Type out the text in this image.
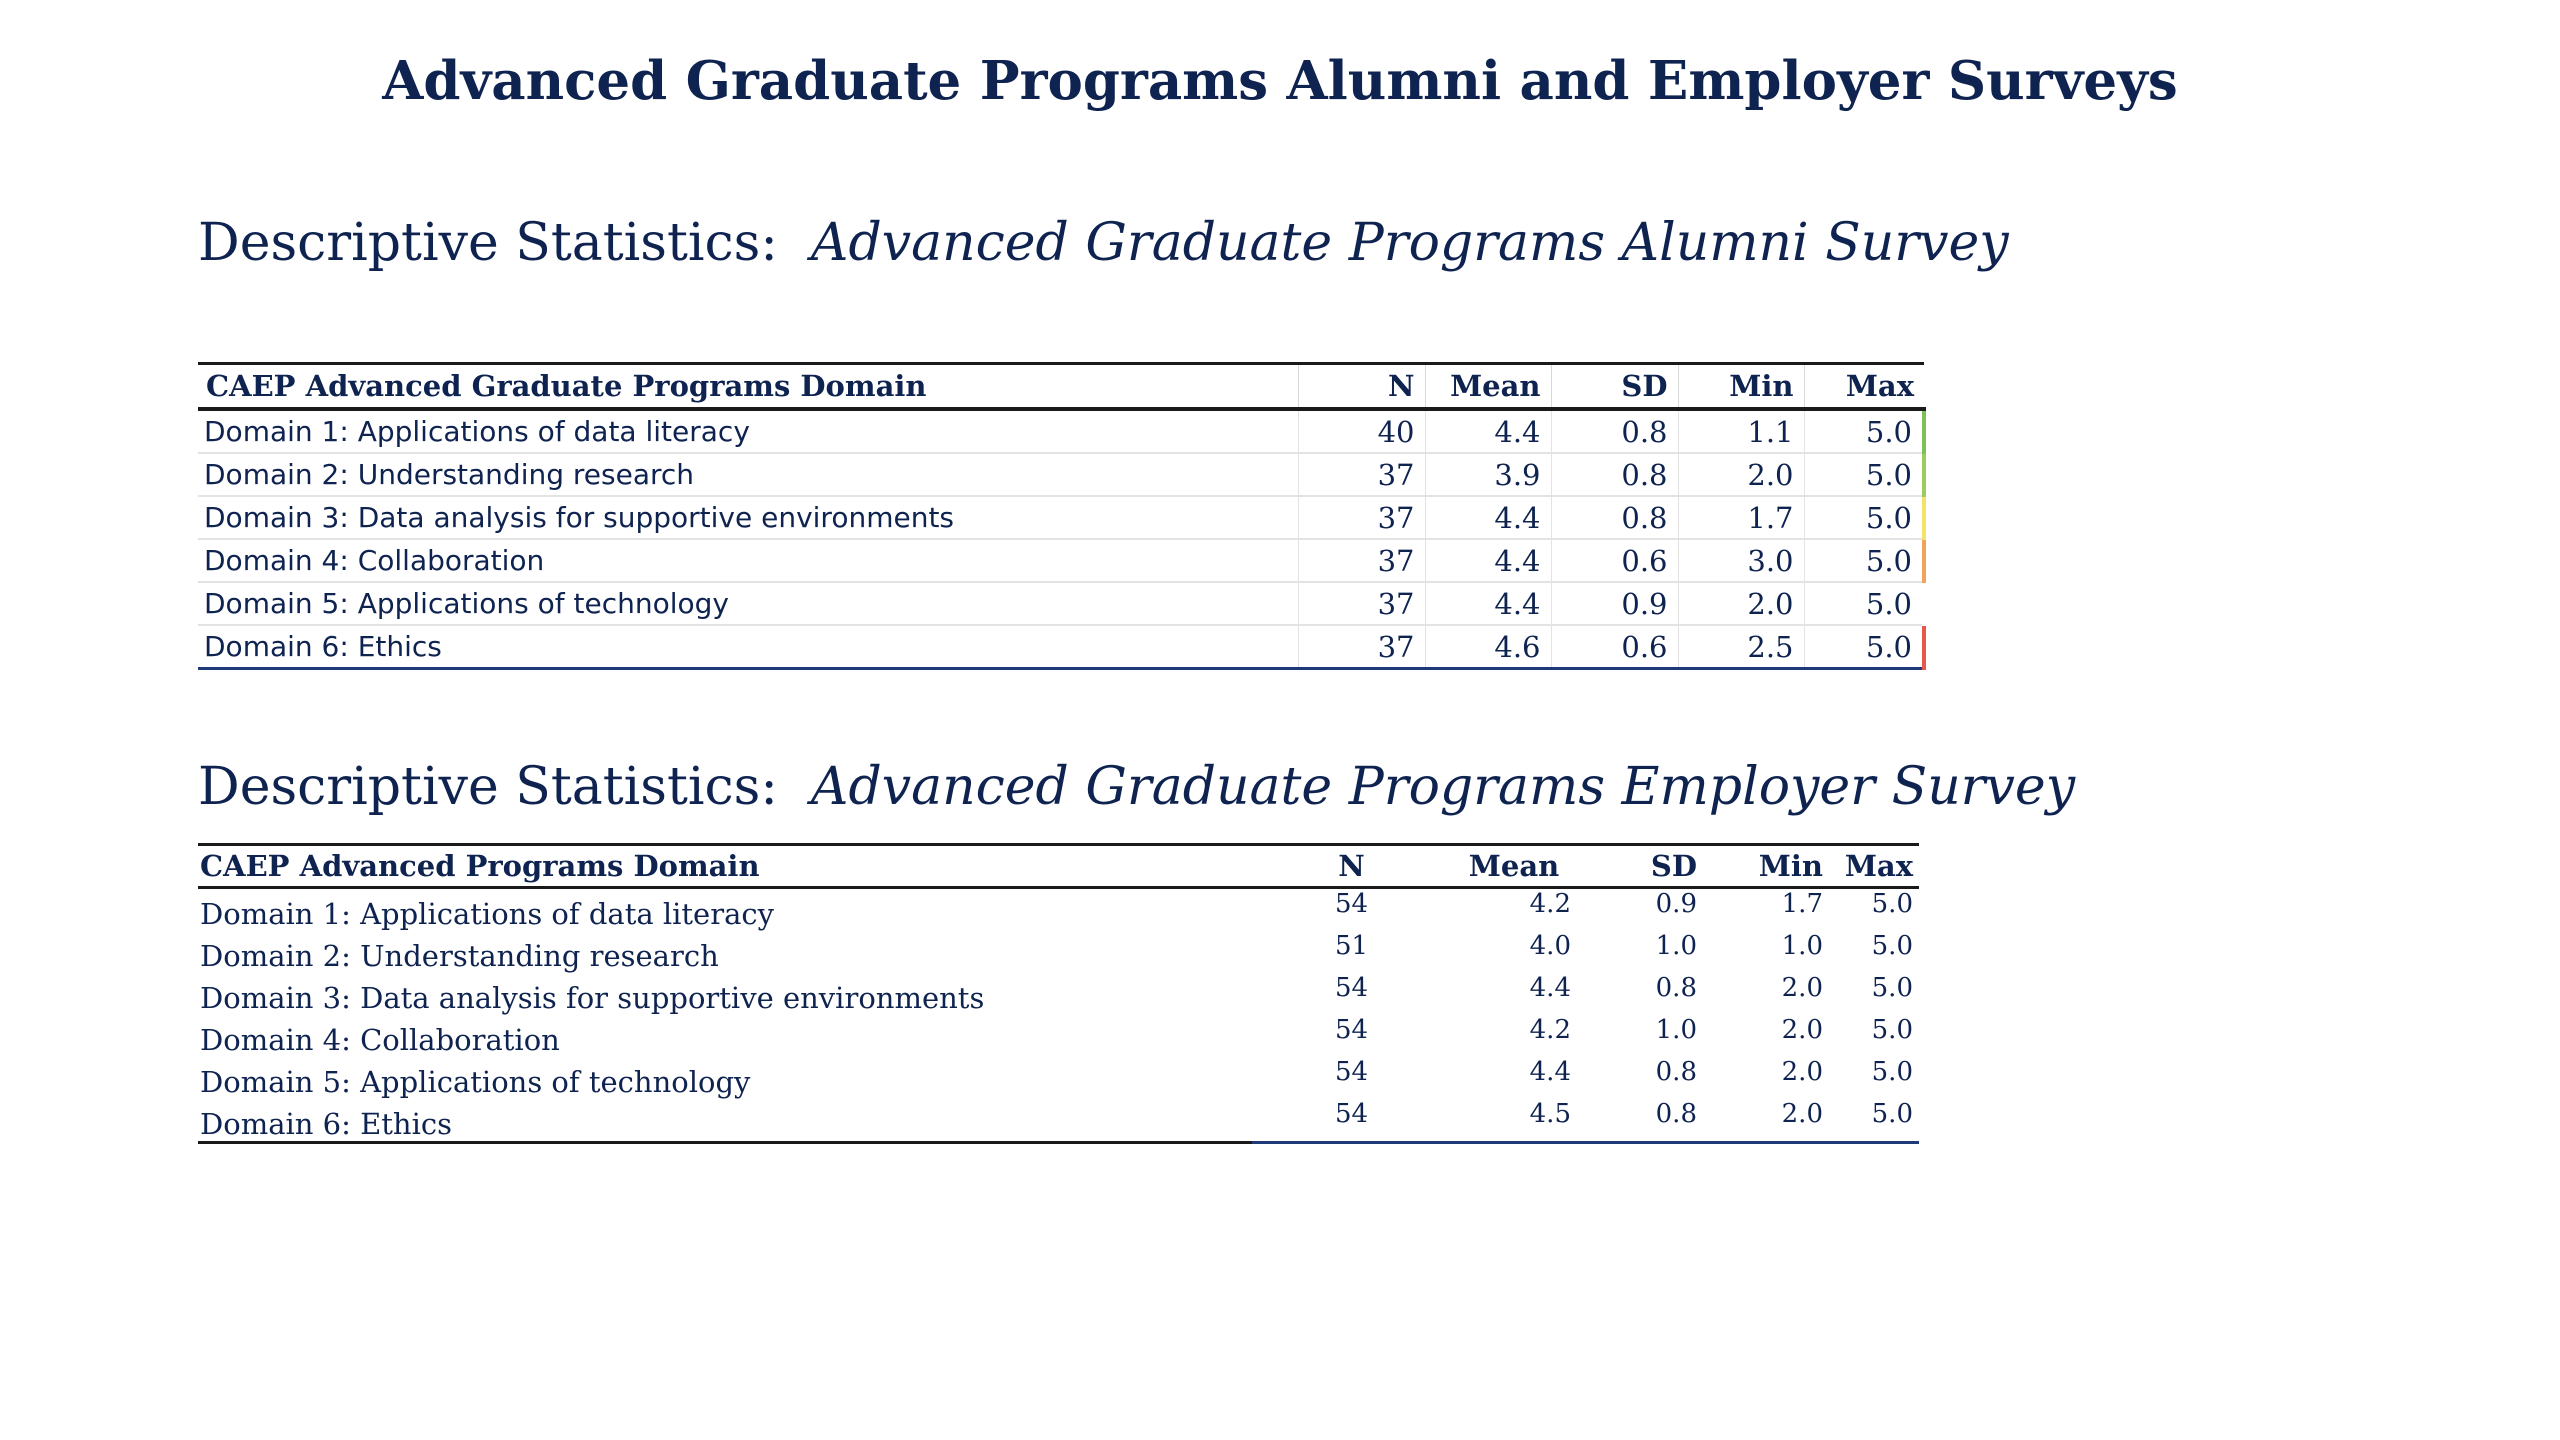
Advanced Graduate Programs Alumni and Employer Surveys
Descriptive Statistics: Advanced Graduate Programs Alumni Survey
CAEP Advanced Graduate Programs Domain	N	Mean	SD	Min	Max
Domain 1: Applications of data literacy	40	4.4	0.8	1.1	5.0
Domain 2: Understanding research	37	3.9	0.8	2.0	5.0
Domain 3: Data analysis for supportive environments	37	4.4	0.8	1.7	5.0
Domain 4: Collaboration	37	4.4	0.6	3.0	5.0
Domain 5: Applications of technology	37	4.4	0.9	2.0	5.0
Domain 6: Ethics	37	4.6	0.6	2.5	5.0
Descriptive Statistics: Advanced Graduate Programs Employer Survey
CAEP Advanced Programs Domain	N	Mean	SD	Min	Max
Domain 1: Applications of data literacy	54	4.2	0.9	1.7	5.0
Domain 2: Understanding research	51	4.0	1.0	1.0	5.0
Domain 3: Data analysis for supportive environments	54	4.4	0.8	2.0	5.0
Domain 4: Collaboration	54	4.2	1.0	2.0	5.0
Domain 5: Applications of technology	54	4.4	0.8	2.0	5.0
Domain 6: Ethics	54	4.5	0.8	2.0	5.0
